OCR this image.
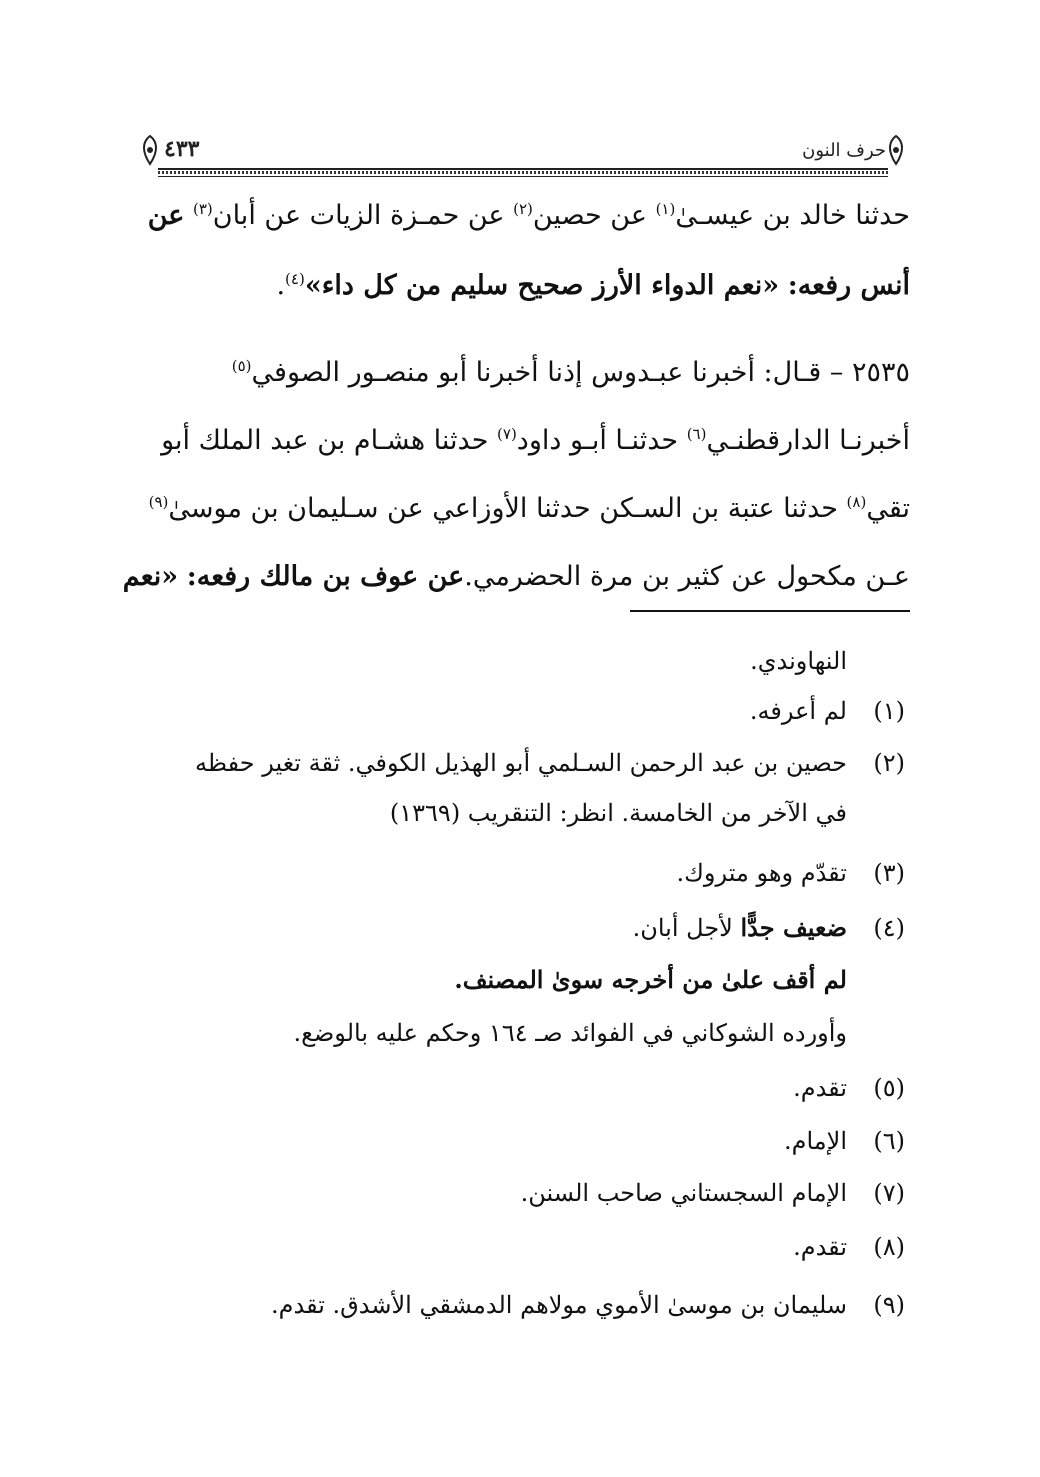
حرف النون
٤٣٣
حدثنا خالد بن عيسـىٰ$^{(١)}$ عن حصين$^{(٢)}$ عن حمـزة الزيات عن أبان$^{(٣)}$ عن
أنس رفعه: «نعم الدواء الأرز صحيح سليم من كل داء»$^{(٤)}$.
٢٥٣٥ – قـال: أخبرنا عبـدوس إذنا أخبرنا أبو منصـور الصوفي$^{(٥)}$
أخبرنـا الدارقطنـي$^{(٦)}$ حدثنـا أبـو داود$^{(٧)}$ حدثنا هشـام بن عبد الملك أبو
تقي$^{(٨)}$ حدثنا عتبة بن السـكن حدثنا الأوزاعي عن سـليمان بن موسىٰ$^{(٩)}$
عـن مكحول عن كثير بن مرة الحضرمي.عن عوف بن مالك رفعه: «نعم
النهاوندي.
(١)لم أعرفه.
(٢)حصين بن عبد الرحمن السـلمي أبو الهذيل الكوفي. ثقة تغير حفظه
في الآخر من الخامسة. انظر: التنقريب (١٣٦٩)
(٣)تقدّم وهو متروك.
(٤)ضعيف جدًّا لأجل أبان.
لم أقف علىٰ من أخرجه سوىٰ المصنف.
وأورده الشوكاني في الفوائد صـ ١٦٤ وحكم عليه بالوضع.
(٥)تقدم.
(٦)الإمام.
(٧)الإمام السجستاني صاحب السنن.
(٨)تقدم.
(٩)سليمان بن موسىٰ الأموي مولاهم الدمشقي الأشدق. تقدم.
